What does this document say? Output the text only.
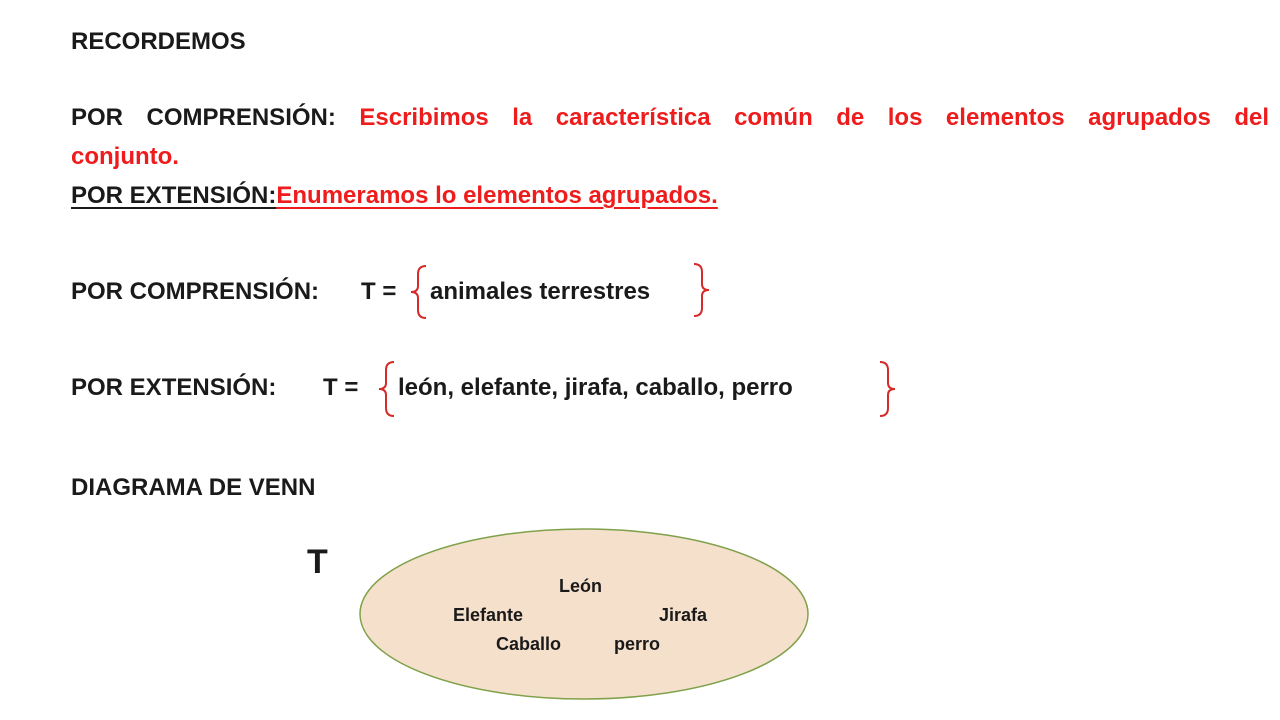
RECORDEMOS
POR COMPRENSIÓN: Escribimos la característica común de los elementos agrupados del
conjunto.
POR EXTENSIÓN:Enumeramos lo elementos agrupados.
POR COMPRENSIÓN: T = animales terrestres
POR EXTENSIÓN: T = león, elefante, jirafa, caballo, perro
DIAGRAMA DE VENN
T
León
Elefante	Jirafa
Caballo	perro
